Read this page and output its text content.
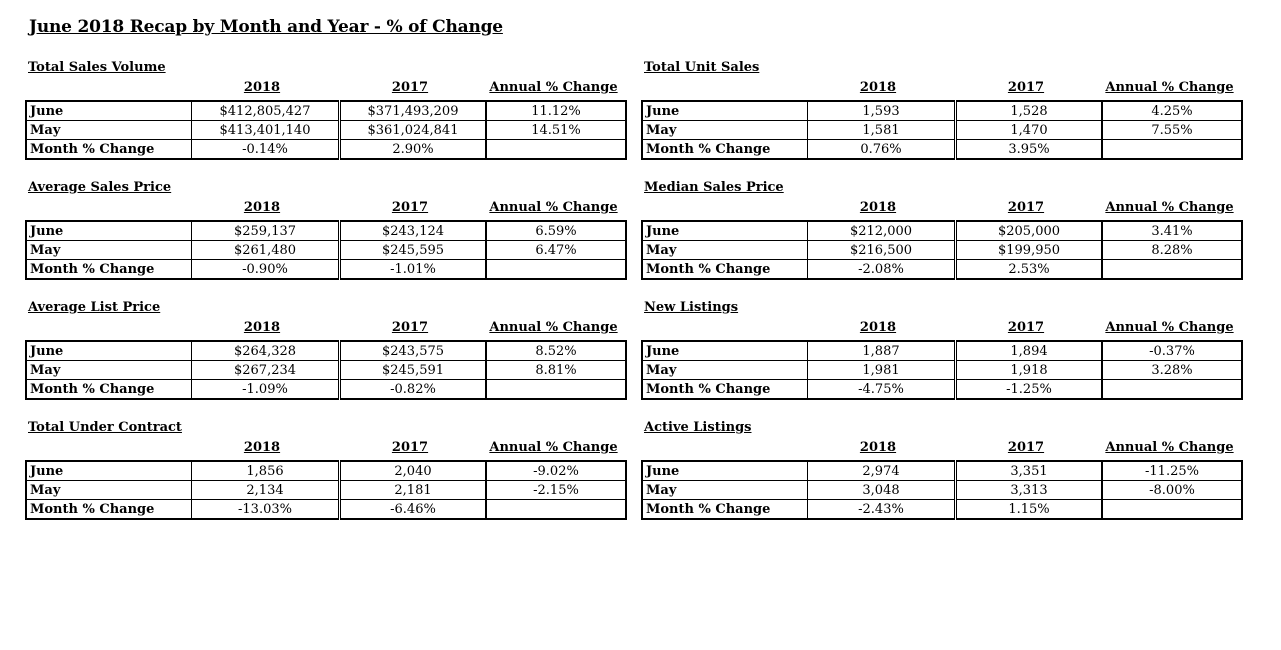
June 2018 Recap by Month and Year - % of Change
Total Sales Volume
2018	2017	Annual % Change
June	$412,805,427	$371,493,209	11.12%
May	$413,401,140	$361,024,841	14.51%
Month % Change	-0.14%	2.90%	
Total Unit Sales
2018	2017	Annual % Change
June	1,593	1,528	4.25%
May	1,581	1,470	7.55%
Month % Change	0.76%	3.95%	
Average Sales Price
2018	2017	Annual % Change
June	$259,137	$243,124	6.59%
May	$261,480	$245,595	6.47%
Month % Change	-0.90%	-1.01%	
Median Sales Price
2018	2017	Annual % Change
June	$212,000	$205,000	3.41%
May	$216,500	$199,950	8.28%
Month % Change	-2.08%	2.53%	
Average List Price
2018	2017	Annual % Change
June	$264,328	$243,575	8.52%
May	$267,234	$245,591	8.81%
Month % Change	-1.09%	-0.82%	
New Listings
2018	2017	Annual % Change
June	1,887	1,894	-0.37%
May	1,981	1,918	3.28%
Month % Change	-4.75%	-1.25%	
Total Under Contract
2018	2017	Annual % Change
June	1,856	2,040	-9.02%
May	2,134	2,181	-2.15%
Month % Change	-13.03%	-6.46%	
Active Listings
2018	2017	Annual % Change
June	2,974	3,351	-11.25%
May	3,048	3,313	-8.00%
Month % Change	-2.43%	1.15%	
